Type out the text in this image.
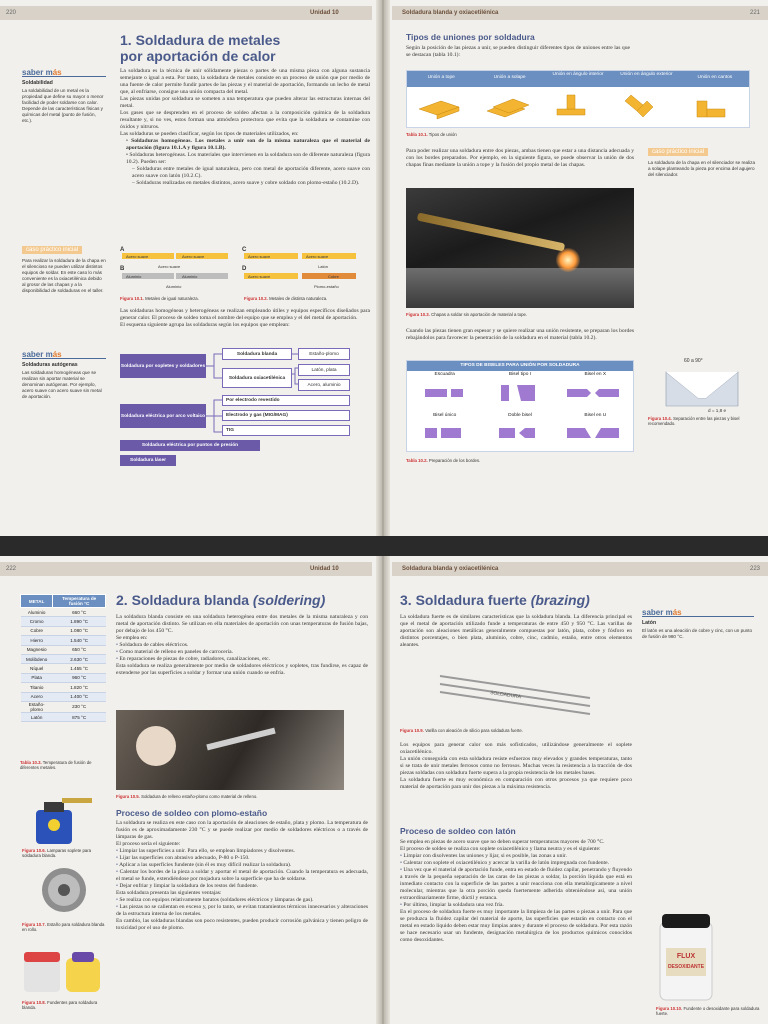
220	Unidad 10	Soldadura blanda y oxiacetilénica	221
saber más
Soldabilidad
La soldabilidad de un metal es la propiedad que define su mayor o menor facilidad de poder soldarse con calor. Depende de las características físicas y químicas del metal (punto de fusión, etc.).
caso práctico inicial
Para realizar la soldadura de la chapa en el silencioso se pueden utilizar distintos equipos de soldar. En este caso lo más conveniente es la oxiacetilénica debido al grosor de las chapas y a la disponibilidad de soldaduras en el taller.
saber más
Soldaduras autógenas
Las soldaduras homogéneas que se realizan sin aportar material se denominan autógenas. Por ejemplo, acero suave con acero suave sin metal de aportación.
1. Soldadura de metales
por aportación de calor

La soldadura es la técnica de unir sólidamente piezas o partes de una misma pieza con alguna sustancia semejante o igual a esta. Por tanto, la soldadura de metales consiste en un proceso de unión que por medio de una fuente de calor permite fundir partes de las piezas y el material de aportación, formando un lecho de metal que, al enfriarse, consigue una unión compacta del metal.

Las piezas unidas por soldadura se someten a una temperatura que pueden alterar las estructuras internas del metal.

Los gases que se desprenden en el proceso de soldeo afectan a la composición química de la soldadura resultante y, si no ves, estos forman una atmósfera protectora que evita que la soldadura se contamine con óxidos y nitruros.

Las soldaduras se pueden clasificar, según los tipos de materiales utilizados, en:

• Soldaduras homogéneas. Los metales a unir son de la misma naturaleza que el material de aportación (figura 10.1.A y figura 10.1.B).

• Soldaduras heterogéneas. Los materiales que intervienen en la soldadura son de diferente naturaleza (figura 10.2). Pueden ser:

– Soldaduras entre metales de igual naturaleza, pero con metal de aportación diferente, acero suave con acero suave con latón (10.2.C).

– Soldaduras realizadas en metales distintos, acero suave y cobre soldado con plomo-estaño (10.2.D).

A
Acero suave	Acero suave
B	Acero suave
Aluminio	Aluminio
Aluminio
C
Acero suave	Acero suave
Latón
D
Acero suave	Cobre
Plomo-estaño
Figura 10.1. Metales de igual naturaleza.	Figura 10.2. Metales de distinta naturaleza.

Las soldaduras homogéneas y heterogéneas se realizan empleando útiles y equipos específicos diseñados para generar calor. El proceso de soldeo toma el nombre del equipo que se emplea y el del metal de aportación.

El esquema siguiente agrupa las soldaduras según los equipos que emplean:

Soldadura por sopletes y soldadores
Soldadura blanda
Soldadura oxiacetilénica
Estaño-plomo
Latón, plata
Acero, aluminio
Soldadura eléctrica por arco voltaico
Por electrodo revestido
Electrodo y gas (MIG/MAG)
TIG
Soldadura eléctrica por puntos de presión
Soldadura láser
Tipos de uniones por soldadura
Según la posición de las piezas a unir, se pueden distinguir diferentes tipos de uniones entre las que se destacan (tabla 10.1):
Unión a tope	Unión a solape
Unión en ángulo interior	Unión en ángulo exterior
Unión en cantos
Tabla 10.1. Tipos de unión
Para poder realizar una soldadura entre dos piezas, ambas tienen que estar a una distancia adecuada y con los bordes preparados. Por ejemplo, en la siguiente figura, se puede observar la unión de dos chapas finas mediante la unión a tope y la fusión del propio metal de las chapas.
caso práctico inicial
La soldadura de la chapa en el silenciador se realiza a solape planteando la pieza por encima del agujero del silenciador.
Figura 10.3. Chapas a soldar sin aportación de material a tope.
Cuando las piezas tienen gran espesor y se quiere realizar una unión resistente, se preparan los bordes rebajándolos para favorecer la penetración de la soldadura en el material (tabla 10.2).
TIPOS DE BISELES PARA UNIÓN POR SOLDADURA
Escuadra	Bisel tipo I	Bisel en X
Bisel único	Doble bisel	Bisel en U
Tabla 10.2. Preparación de los bordes.
60 a 90°
d = 1,8 e
Figura 10.4. Separación entre las piezas y bisel recomendado.
222	Unidad 10	Soldadura blanda y oxiacetilénica	223
METAL	Temperatura de fusión °C
Aluminio	660 °C
Cromo	1.890 °C
Cobre	1.080 °C
Hierro	1.540 °C
Magnesio	650 °C
Molibdeno	2.630 °C
Níquel	1.455 °C
Plata	960 °C
Titanio	1.820 °C
Acero	1.400 °C
Estaño-plomo	230 °C
Latón	875 °C
Tabla 10.3. Temperatura de fusión de diferentes metales.
Figura 10.6. Lamparas soplete para soldadura blanda.
Figura 10.7. Estaño para soldadura blanda en rollo.
Figura 10.8. Fundentes para soldadura blanda.
2. Soldadura blanda (soldering)

La soldadura blanda consiste en una soldadura heterogénea entre dos metales de la misma naturaleza y con metal de aportación distinto. Se utilizan en ella materiales de aportación con unas temperaturas de fusión bajas, por debajo de los 450 °C.

Se emplea en:

• Soldadura de cables eléctricos.
• Como material de relleno en paneles de carrocería.
• En reparaciones de piezas de cobre, radiadores, canalizaciones, etc.

Esta soldadura se realiza generalmente por medio de soldadores eléctricos y sopletes, tras fundirse, es capaz de extenderse por las superficies a soldar y formar una unión cuando se enfría.

Figura 10.5. Soldadura de relleno estaño-plomo como material de relleno.
Proceso de soldeo con plomo-estaño

La soldadura se realiza en este caso con la aportación de aleaciones de estaño, plata y plomo. La temperatura de fusión es de aproximadamente 230 °C y se puede realizar por medio de soldadores eléctricos o a través de lámparas de gas.

El proceso sería el siguiente:

• Limpiar las superficies a unir. Para ello, se emplean limpiadores y disolventes.
• Lijar las superficies con abrasivo adecuado, P-80 o P-150.
• Aplicar a las superficies fundente (sin él es muy difícil realizar la soldadura).
• Calentar los bordes de la pieza a soldar y aportar el metal de aportación. Cuando la temperatura es adecuada, el metal se funde, extendiéndose por mojadura sobre la superficie que ha de soldarse.
• Dejar enfriar y limpiar la soldadura de los restos del fundente.

Esta soldadura presenta las siguientes ventajas:

• Se realiza con equipos relativamente baratos (soldadores eléctricos y lámparas de gas).
• Las piezas no se calientan en exceso y, por lo tanto, se evitan tratamientos térmicos innecesarios y alteraciones de la estructura interna de los metales.

En cambio, las soldaduras blandas son poco resistentes, pueden producir corrosión galvánica y tienen peligro de toxicidad por el uso de plomo.

3. Soldadura fuerte (brazing)
La soldadura fuerte es de similares características que la soldadura blanda. La diferencia principal es que el metal de aportación utilizado funde a temperaturas de entre 450 y 950 °C. Las varillas de aportación son aleaciones metálicas generalmente compuestas por latón, plata, cobre y fósforo en distintos porcentajes, o bien plata, aluminio, cobre, cinc, cadmio, estaño, entre otros elementos aleantes.
SOLDADURA
Figura 10.9. Varilla con aleación de silicio para soldadura fuerte.

Los equipos para generar calor son más sofisticados, utilizándose generalmente el soplete oxiacetilénico.

La unión conseguida con esta soldadura resiste esfuerzos muy elevados y grandes temperaturas, tanto si se trata de unir metales ferrosos como no ferrosos. Muchas veces la resistencia a la tracción de dos piezas soldadas con soldadura fuerte supera a la propia resistencia de los metales bases.

La soldadura fuerte es muy económica en comparación con otros procesos ya que requiere poco material de aportación para unir dos piezas a la máxima resistencia.

Proceso de soldeo con latón

Se emplea en piezas de acero suave que no deben superar temperaturas mayores de 700 °C.

El proceso de soldeo se realiza con soplete oxiacetilénico y llama neutra y es el siguiente:

• Limpiar con disolventes las uniones y lijar, si es posible, las zonas a unir.
• Calentar con soplete el oxiacetilénico y acercar la varilla de latón impregnada con fundente.
• Una vez que el material de aportación funde, entra en estado de fluidez capilar, penetrando y fluyendo a través de la pequeña separación de las caras de las piezas a soldar, la porción líquida que está en inmediato contacto con la superficie de las partes a unir reacciona con ella metalúrgicamente a nivel molecular, mientras que la otra porción queda fuertemente adherida obteniéndose así, una unión extraordinariamente firme, dúctil y estanca.
• Por último, limpiar la soldadura una vez fría.

En el proceso de soldadura fuerte es muy importante la limpieza de las partes o piezas a unir. Para que se produzca la fluidez capilar del material de aporte, las superficies que estarán en contacto con el metal en estado líquido deben estar muy limpias antes y durante el proceso de soldadura. Por esta razón se hace necesario usar un fundente, designación metalúrgica de los productos químicos conocidos como desoxidantes.

saber más
Latón
El latón es una aleación de cobre y cinc, con un punto de fusión de 980 °C.
FLUX
DESOXIDANTE
Figura 10.10. Fundente o desoxidante para soldadura fuerte.
